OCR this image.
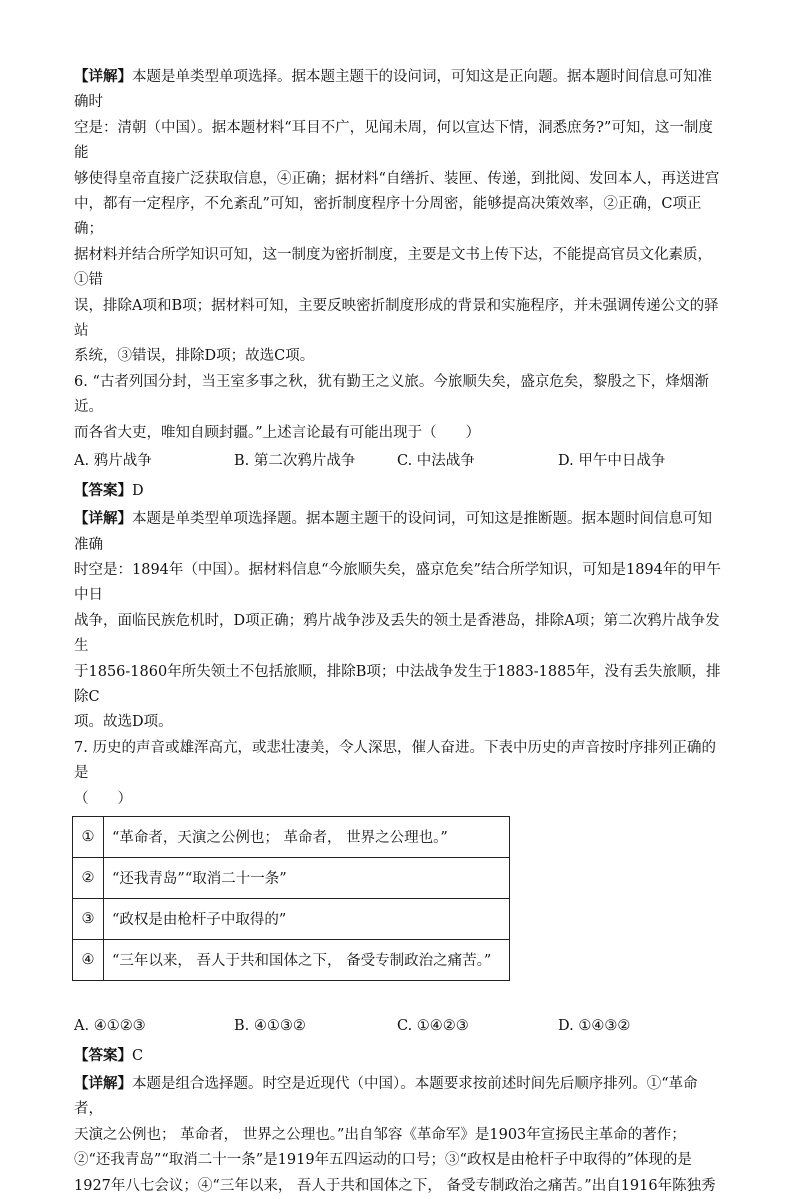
【详解】本题是单类型单项选择。据本题主题干的设问词，可知这是正向题。据本题时间信息可知准确时

空是：清朝（中国）。据本题材料“耳目不广，见闻未周，何以宣达下情，洞悉庶务?”可知，这一制度能

够使得皇帝直接广泛获取信息，④正确；据材料“自缮折、装匣、传递，到批阅、发回本人，再送进宫

中，都有一定程序，不允紊乱”可知，密折制度程序十分周密，能够提高决策效率，②正确，C项正确；

据材料并结合所学知识可知，这一制度为密折制度，主要是文书上传下达，不能提高官员文化素质，①错

误，排除A项和B项；据材料可知，主要反映密折制度形成的背景和实施程序，并未强调传递公文的驿站

系统，③错误，排除D项；故选C项。

6. “古者列国分封，当王室多事之秋，犹有勤王之义旅。今旅顺失矣，盛京危矣，黎殷之下，烽烟渐近。

而各省大吏，唯知自顾封疆。”上述言论最有可能出现于（　　）

A. 鸦片战争	B. 第二次鸦片战争	C. 中法战争	D. 甲午中日战争

【答案】D

【详解】本题是单类型单项选择题。据本题主题干的设问词，可知这是推断题。据本题时间信息可知准确

时空是：1894年（中国）。据材料信息“今旅顺失矣，盛京危矣”结合所学知识，可知是1894年的甲午中日

战争，面临民族危机时，D项正确；鸦片战争涉及丢失的领土是香港岛，排除A项；第二次鸦片战争发生

于1856-1860年所失领土不包括旅顺，排除B项；中法战争发生于1883-1885年，没有丢失旅顺，排除C

项。故选D项。

7. 历史的声音或雄浑高亢，或悲壮凄美，令人深思，催人奋进。下表中历史的声音按时序排列正确的是

（　　）

①	“革命者，天演之公例也； 革命者， 世界之公理也。”
②	“还我青岛”“取消二十一条”
③	“政权是由枪杆子中取得的”
④	“三年以来， 吾人于共和国体之下， 备受专制政治之痛苦。”
A. ④①②③	B. ④①③②	C. ①④②③	D. ①④③②

【答案】C

【详解】本题是组合选择题。时空是近现代（中国）。本题要求按前述时间先后顺序排列。①“革命者，

天演之公例也； 革命者， 世界之公理也。”出自邹容《革命军》是1903年宣扬民主革命的著作；

②“还我青岛”“取消二十一条”是1919年五四运动的口号；③“政权是由枪杆子中取得的”体现的是

1927年八七会议；④“三年以来， 吾人于共和国体之下， 备受专制政治之痛苦。”出自1916年陈独秀
